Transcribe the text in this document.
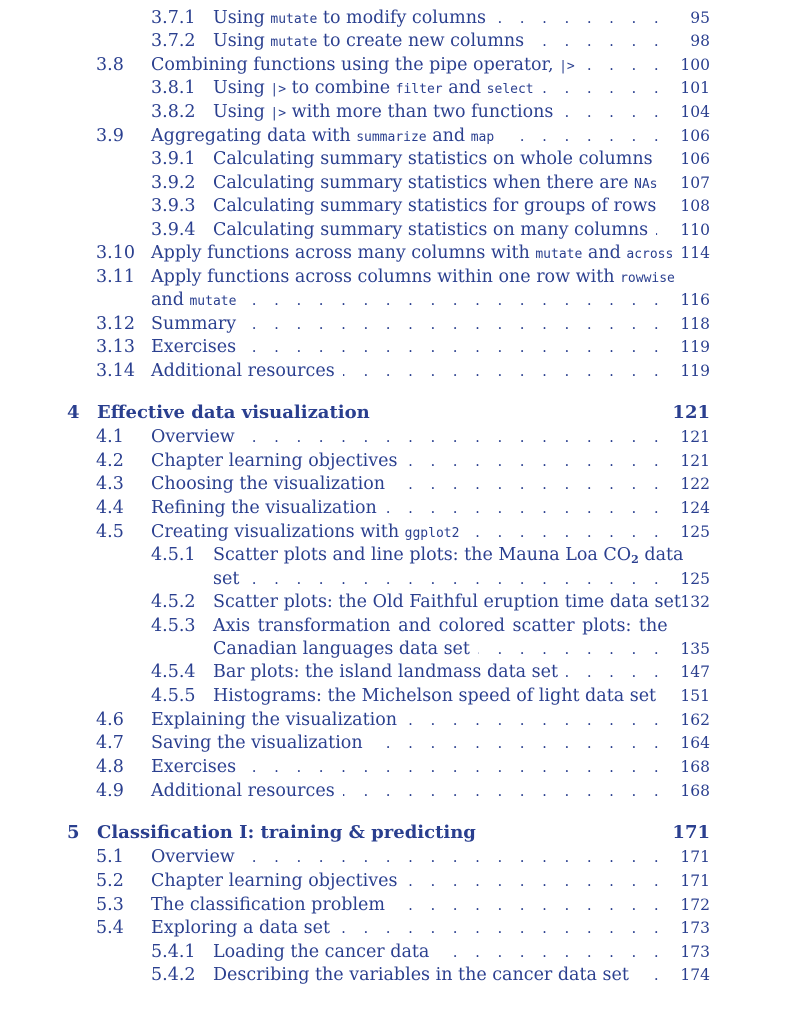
3.7.1 Using mutate to modify columns . . .	95
3.7.2 Using mutate to create new columns . . .	98
3.8 Combining functions using the pipe operator, |> . . .	100
3.8.1 Using |> to combine filter and select . . .	101
3.8.2 Using |> with more than two functions . . .	104
3.9 Aggregating data with summarize and map . . .	106
3.9.1 Calculating summary statistics on whole columns . . . 106
3.9.2 Calculating summary statistics when there are NAs 107
3.9.3 Calculating summary statistics for groups of rows . . . 108
3.9.4 Calculating summary statistics on many columns . . . 110
3.10 Apply functions across many columns with mutate and across 114
3.11 Apply functions across columns within one row with rowwise
and mutate . . .	116
3.12 Summary . . .	118
3.13 Exercises . . .	119
3.14 Additional resources . . .	119
4 Effective data visualization	121
4.1 Overview . . .	121
4.2 Chapter learning objectives . . .	121
4.3 Choosing the visualization . . .	122
4.4 Refining the visualization . . .	124
4.5 Creating visualizations with ggplot2 . . .	125
4.5.1 Scatter plots and line plots: the Mauna Loa $CO_2$ data
set . . .	125
4.5.2 Scatter plots: the Old Faithful eruption time data set 132
4.5.3 Axis transformation and colored scatter plots: the
Canadian languages data set . . .	135
4.5.4 Bar plots: the island landmass data set . . .	147
4.5.5 Histograms: the Michelson speed of light data set . . . 151
4.6 Explaining the visualization . . .	162
4.7 Saving the visualization . . .	164
4.8 Exercises . . .	168
4.9 Additional resources . . .	168
5 Classification I: training & predicting	171
5.1 Overview . . .	171
5.2 Chapter learning objectives . . .	171
5.3 The classification problem . . .	172
5.4 Exploring a data set . . .	173
5.4.1 Loading the cancer data . . .	173
5.4.2 Describing the variables in the cancer data set . . .	174
